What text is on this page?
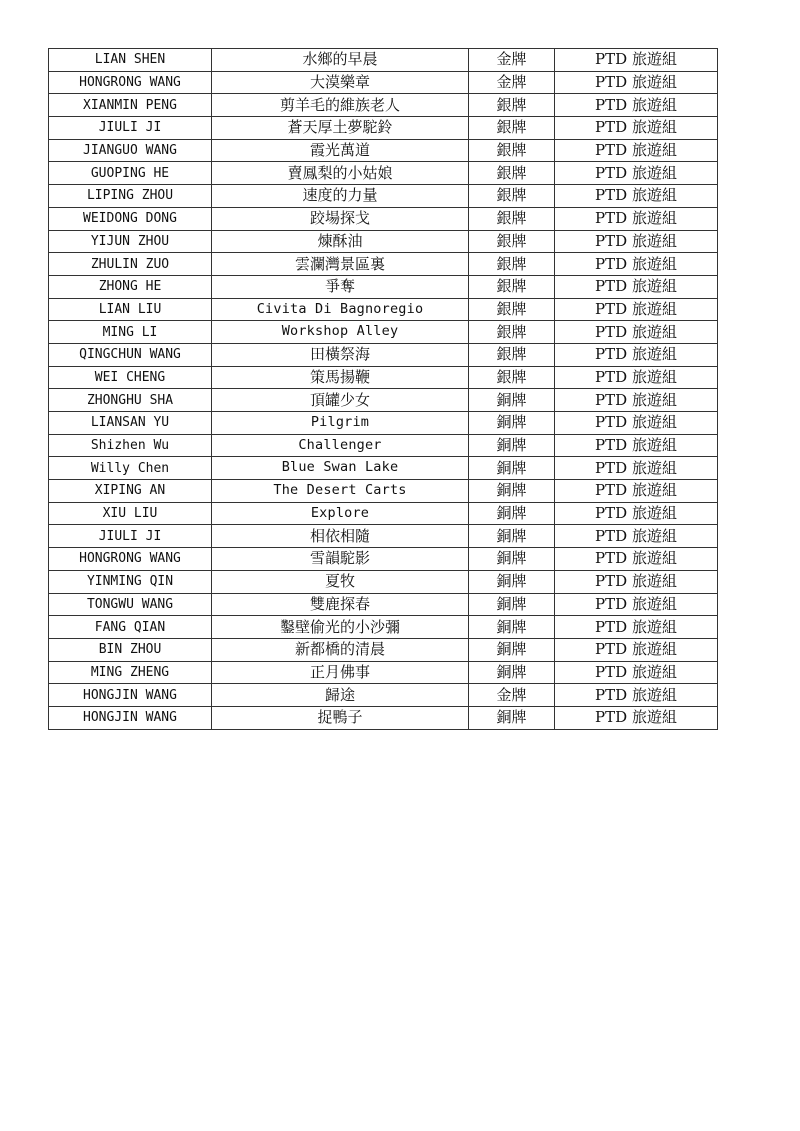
LIAN SHEN	水鄉的早晨	金牌	PTD 旅遊組
HONGRONG WANG	大漠樂章	金牌	PTD 旅遊組
XIANMIN PENG	剪羊毛的維族老人	銀牌	PTD 旅遊組
JIULI JI	蒼天厚土夢駝鈴	銀牌	PTD 旅遊組
JIANGUO WANG	霞光萬道	銀牌	PTD 旅遊組
GUOPING HE	賣鳳梨的小姑娘	銀牌	PTD 旅遊組
LIPING ZHOU	速度的力量	銀牌	PTD 旅遊組
WEIDONG DONG	跤場探戈	銀牌	PTD 旅遊組
YIJUN ZHOU	煉酥油	銀牌	PTD 旅遊組
ZHULIN ZUO	雲瀾灣景區裏	銀牌	PTD 旅遊組
ZHONG HE	爭奪	銀牌	PTD 旅遊組
LIAN LIU	Civita Di Bagnoregio	銀牌	PTD 旅遊組
MING LI	Workshop Alley	銀牌	PTD 旅遊組
QINGCHUN WANG	田橫祭海	銀牌	PTD 旅遊組
WEI CHENG	策馬揚鞭	銀牌	PTD 旅遊組
ZHONGHU SHA	頂罐少女	銅牌	PTD 旅遊組
LIANSAN YU	Pilgrim	銅牌	PTD 旅遊組
Shizhen Wu	Challenger	銅牌	PTD 旅遊組
Willy Chen	Blue Swan Lake	銅牌	PTD 旅遊組
XIPING AN	The Desert Carts	銅牌	PTD 旅遊組
XIU LIU	Explore	銅牌	PTD 旅遊組
JIULI JI	相依相隨	銅牌	PTD 旅遊組
HONGRONG WANG	雪韻駝影	銅牌	PTD 旅遊組
YINMING QIN	夏牧	銅牌	PTD 旅遊組
TONGWU WANG	雙鹿探春	銅牌	PTD 旅遊組
FANG QIAN	鑿壁偷光的小沙彌	銅牌	PTD 旅遊組
BIN ZHOU	新都橋的清晨	銅牌	PTD 旅遊組
MING ZHENG	正月佛事	銅牌	PTD 旅遊組
HONGJIN WANG	歸途	金牌	PTD 旅遊組
HONGJIN WANG	捉鴨子	銅牌	PTD 旅遊組
